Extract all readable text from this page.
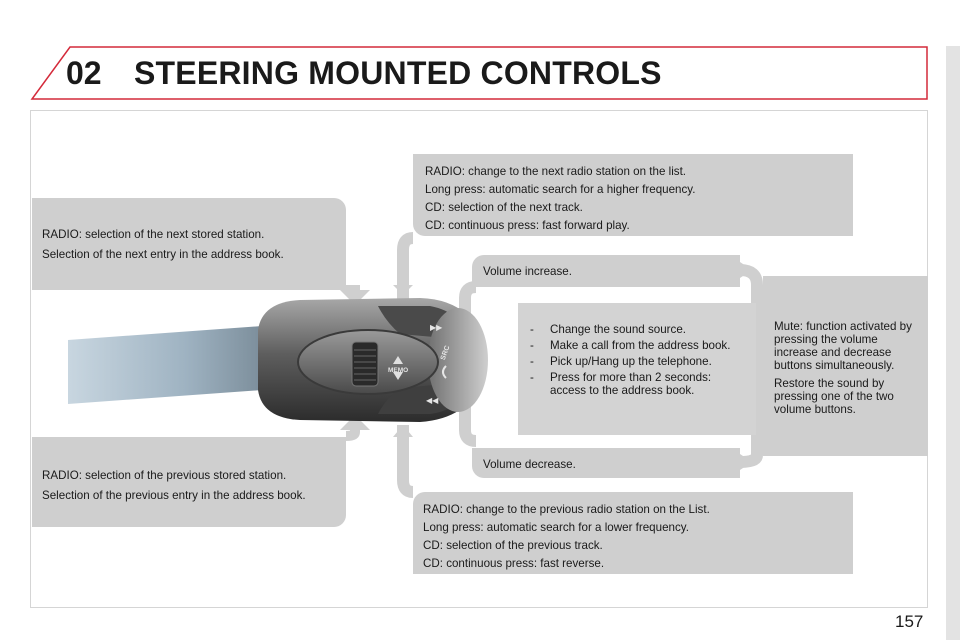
02 STEERING MOUNTED CONTROLS
MEMO
▶▶
◀◀
SRC

RADIO: change to the next radio station on the list.

Long press: automatic search for a higher frequency.

CD: selection of the next track.

CD: continuous press: fast forward play.

RADIO: selection of the next stored station.

Selection of the next entry in the address book.

Volume increase.

-	Change the sound source.
-	Make a call from the address book.
-	Pick up/Hang up the telephone.
-	Press for more than 2 seconds: access to the address book.

Mute: function activated by pressing the volume increase and decrease buttons simultaneously.

Restore the sound by pressing one of the two volume buttons.

Volume decrease.

RADIO: selection of the previous stored station.

Selection of the previous entry in the address book.

RADIO: change to the previous radio station on the List.

Long press: automatic search for a lower frequency.

CD: selection of the previous track.

CD: continuous press: fast reverse.

157
